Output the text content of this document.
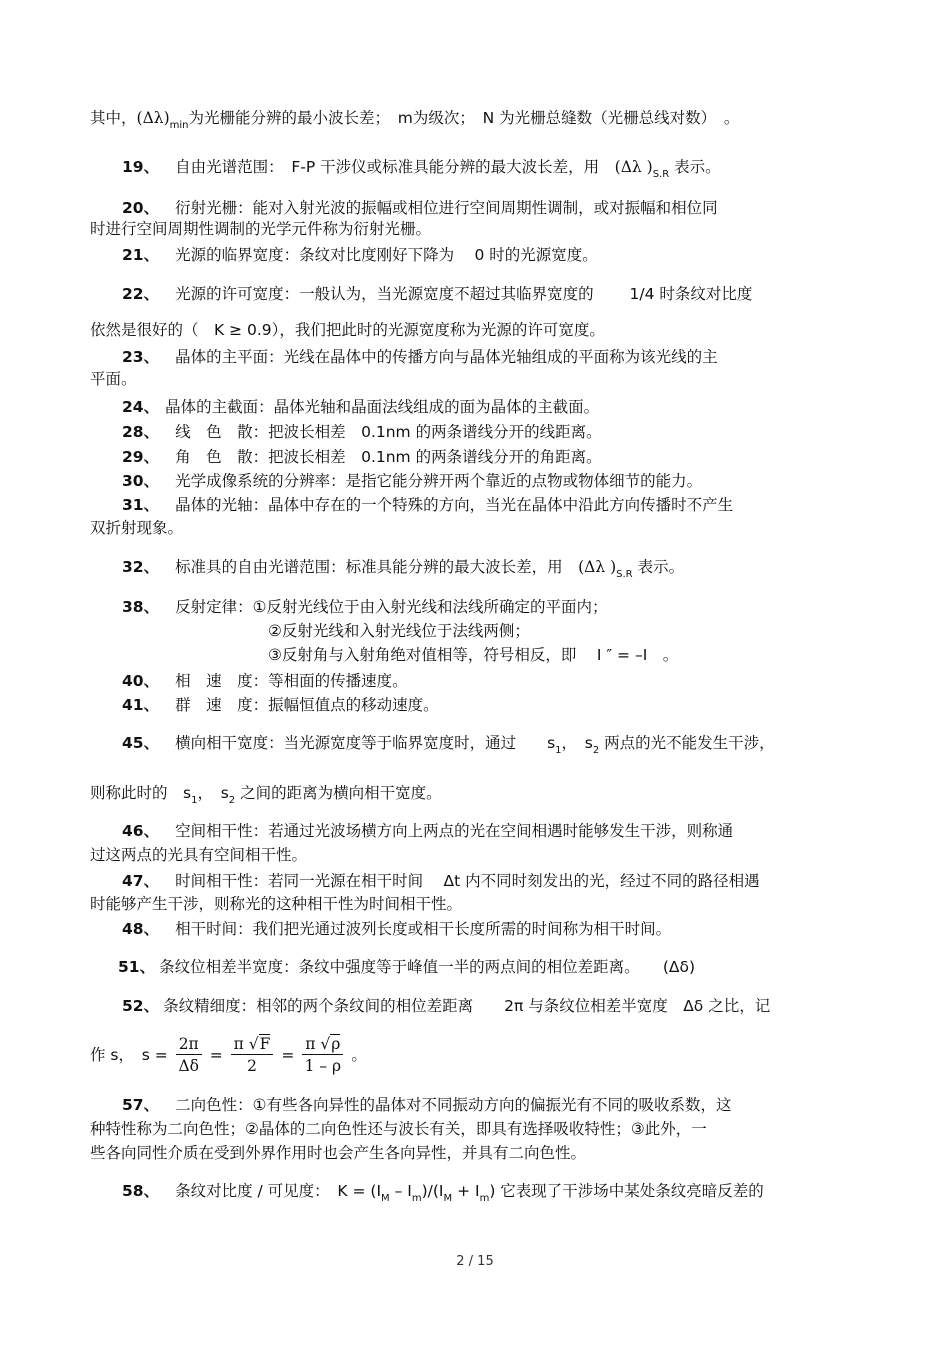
其中，$(\Delta\lambda)_{min}$为光栅能分辨的最小波长差；　m为级次；　N 为光栅总缝数（光栅总线对数）　。
19、 自由光谱范围：　F-P 干涉仪或标准具能分辨的最大波长差，用　 (Δλ )$_{S.R}$ 表示。
20、 衍射光栅：能对入射光波的振幅或相位进行空间周期性调制，或对振幅和相位同
时进行空间周期性调制的光学元件称为衍射光栅。
21、 光源的临界宽度：条纹对比度刚好下降为　 0 时的光源宽度。
22、 光源的许可宽度：一般认为，当光源宽度不超过其临界宽度的　　 1/4 时条纹对比度
依然是很好的（　K ≥ 0.9），我们把此时的光源宽度称为光源的许可宽度。
23、 晶体的主平面：光线在晶体中的传播方向与晶体光轴组成的平面称为该光线的主
平面。
24、 晶体的主截面：晶体光轴和晶面法线组成的面为晶体的主截面。
28、 线　色　散：把波长相差　0.1nm 的两条谱线分开的线距离。
29、 角　色　散：把波长相差　0.1nm 的两条谱线分开的角距离。
30、 光学成像系统的分辨率：是指它能分辨开两个靠近的点物或物体细节的能力。
31、 晶体的光轴：晶体中存在的一个特殊的方向，当光在晶体中沿此方向传播时不产生
双折射现象。
32、 标准具的自由光谱范围：标准具能分辨的最大波长差，用　 (Δλ )$_{S.R}$ 表示。
38、 反射定律：①反射光线位于由入射光线和法线所确定的平面内；
②反射光线和入射光线位于法线两侧；
③反射角与入射角绝对值相等，符号相反，即　 I ″ = –I　。
40、 相　速　度：等相面的传播速度。
41、 群　速　度：振幅恒值点的移动速度。
45、 横向相干宽度：当光源宽度等于临界宽度时，通过　　$s_1$，　$s_2$ 两点的光不能发生干涉，
则称此时的　$s_1$，　$s_2$ 之间的距离为横向相干宽度。
46、 空间相干性：若通过光波场横方向上两点的光在空间相遇时能够发生干涉，则称通
过这两点的光具有空间相干性。
47、 时间相干性：若同一光源在相干时间　 Δt 内不同时刻发出的光，经过不同的路径相遇
时能够产生干涉，则称光的这种相干性为时间相干性。
48、 相干时间：我们把光通过波列长度或相干长度所需的时间称为相干时间。
51、 条纹位相差半宽度：条纹中强度等于峰值一半的两点间的相位差距离。　　(Δδ)
52、 条纹精细度：相邻的两个条纹间的相位差距离　　2π 与条纹位相差半宽度　Δδ 之比，记
作 s，　$s = \frac{2\pi}{\Delta\delta} = \frac{\pi √F}{2} = \frac{\pi √\rho}{1 - \rho}$ 。
57、 二向色性：①有些各向异性的晶体对不同振动方向的偏振光有不同的吸收系数，这
种特性称为二向色性；②晶体的二向色性还与波长有关，即具有选择吸收特性；③此外，一
些各向同性介质在受到外界作用时也会产生各向异性，并具有二向色性。
58、 条纹对比度 / 可见度：　$K = (I_M - I_m)/(I_M + I_m)$ 它表现了干涉场中某处条纹亮暗反差的
2 / 15
